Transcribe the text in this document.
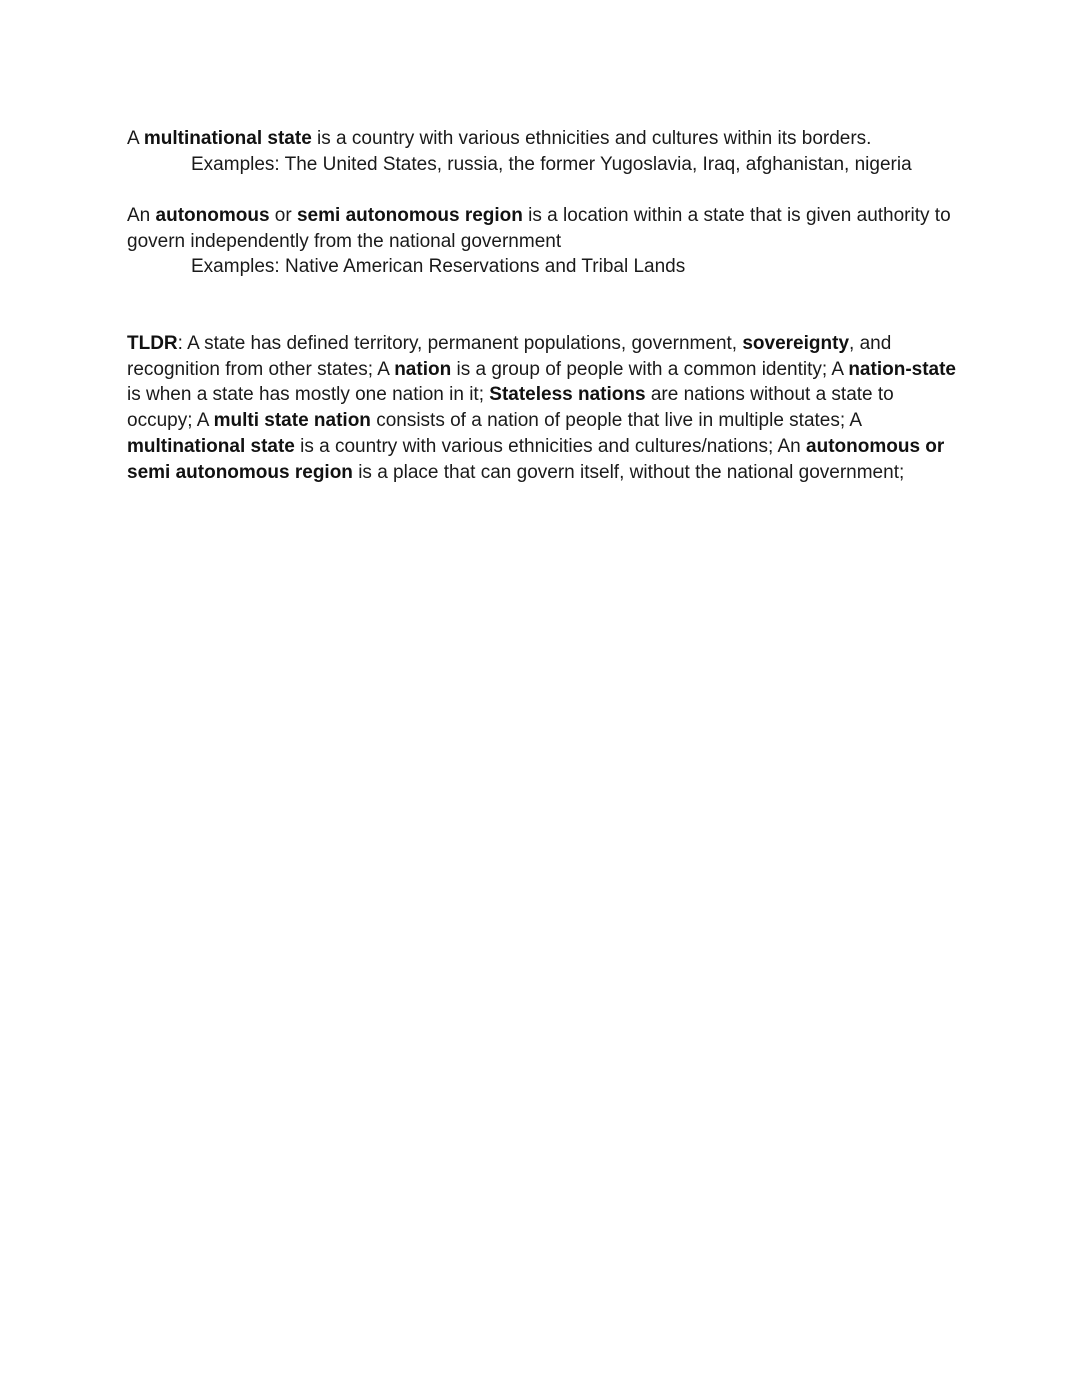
A multinational state is a country with various ethnicities and cultures within its borders.

Examples: The United States, russia, the former Yugoslavia, Iraq, afghanistan, nigeria

An autonomous or semi autonomous region is a location within a state that is given authority to govern independently from the national government

Examples: Native American Reservations and Tribal Lands

TLDR: A state has defined territory, permanent populations, government, sovereignty, and recognition from other states; A nation is a group of people with a common identity; A nation-state is when a state has mostly one nation in it; Stateless nations are nations without a state to occupy; A multi state nation consists of a nation of people that live in multiple states; A multinational state is a country with various ethnicities and cultures/nations; An autonomous or semi autonomous region is a place that can govern itself, without the national government;
